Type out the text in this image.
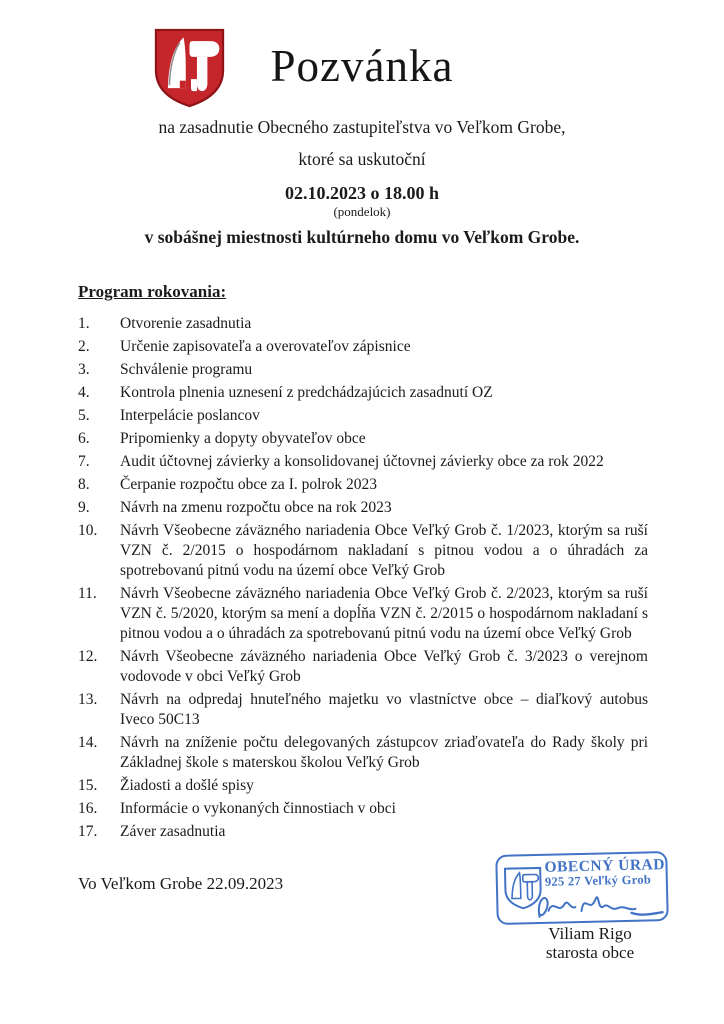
Pozvánka
na zasadnutie Obecného zastupiteľstva vo Veľkom Grobe,
ktoré sa uskutoční
02.10.2023 o 18.00 h
(pondelok)
v sobášnej miestnosti kultúrneho domu vo Veľkom Grobe.
Program rokovania:
1.	Otvorenie zasadnutia
2.	Určenie zapisovateľa a overovateľov zápisnice
3.	Schválenie programu
4.	Kontrola plnenia uznesení z predchádzajúcich zasadnutí OZ
5.	Interpelácie poslancov
6.	Pripomienky a dopyty obyvateľov obce
7.	Audit účtovnej závierky a konsolidovanej účtovnej závierky obce za rok 2022
8.	Čerpanie rozpočtu obce za I. polrok 2023
9.	Návrh na zmenu rozpočtu obce na rok 2023
10.	Návrh Všeobecne záväzného nariadenia Obce Veľký Grob č. 1/2023, ktorým sa ruší VZN č. 2/2015 o hospodárnom nakladaní s pitnou vodou a o úhradách za spotrebovanú pitnú vodu na území obce Veľký Grob
11.	Návrh Všeobecne záväzného nariadenia Obce Veľký Grob č. 2/2023, ktorým sa ruší VZN č. 5/2020, ktorým sa mení a dopĺňa VZN č. 2/2015 o hospodárnom nakladaní s pitnou vodou a o úhradách za spotrebovanú pitnú vodu na území obce Veľký Grob
12.	Návrh Všeobecne záväzného nariadenia Obce Veľký Grob č. 3/2023 o verejnom vodovode v obci Veľký Grob
13.	Návrh na odpredaj hnuteľného majetku vo vlastníctve obce – diaľkový autobus Iveco 50C13
14.	Návrh na zníženie počtu delegovaných zástupcov zriaďovateľa do Rady školy pri Základnej škole s materskou školou Veľký Grob
15.	Žiadosti a došlé spisy
16.	Informácie o vykonaných činnostiach v obci
17.	Záver zasadnutia
Vo Veľkom Grobe 22.09.2023
OBECNÝ ÚRAD
925 27 Veľký Grob
Viliam Rigo
starosta obce
